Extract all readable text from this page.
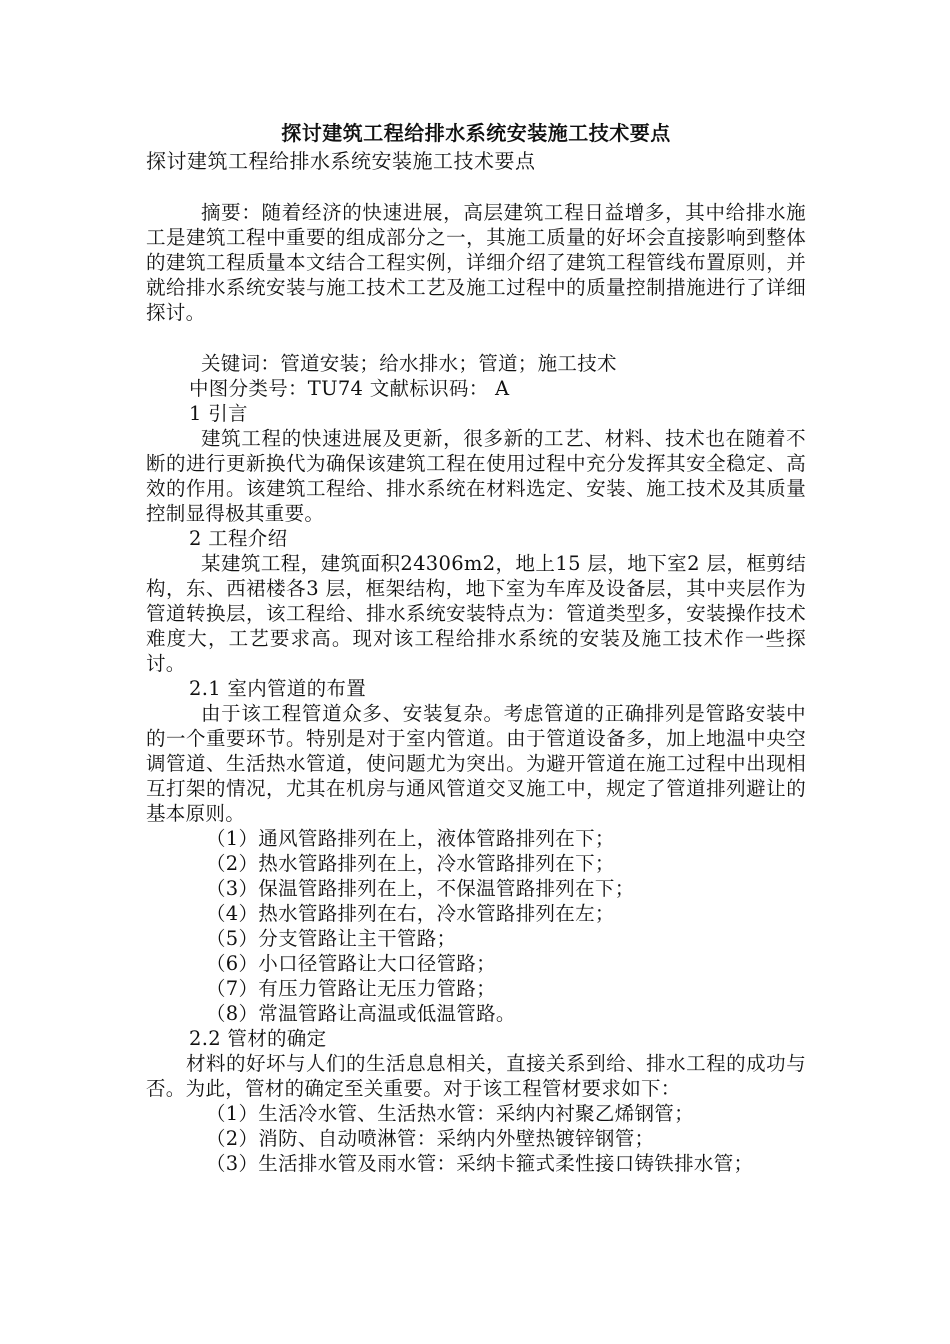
探讨建筑工程给排水系统安装施工技术要点
探讨建筑工程给排水系统安装施工技术要点

摘要：随着经济的快速进展，高层建筑工程日益增多，其中给排水施工是建筑工程中重要的组成部分之一，其施工质量的好坏会直接影响到整体的建筑工程质量本文结合工程实例，详细介绍了建筑工程管线布置原则，并就给排水系统安装与施工技术工艺及施工过程中的质量控制措施进行了详细探讨。

关键词：管道安装；给水排水；管道；施工技术

中图分类号：TU74 文献标识码： A

1 引言

建筑工程的快速进展及更新，很多新的工艺、材料、技术也在随着不断的进行更新换代为确保该建筑工程在使用过程中充分发挥其安全稳定、高效的作用。该建筑工程给、排水系统在材料选定、安装、施工技术及其质量控制显得极其重要。

2 工程介绍

某建筑工程，建筑面积24306m2，地上15 层，地下室2 层，框剪结构，东、西裙楼各3 层，框架结构，地下室为车库及设备层，其中夹层作为管道转换层，该工程给、排水系统安装特点为：管道类型多，安装操作技术难度大，工艺要求高。现对该工程给排水系统的安装及施工技术作一些探讨。

2.1 室内管道的布置

由于该工程管道众多、安装复杂。考虑管道的正确排列是管路安装中的一个重要环节。特别是对于室内管道。由于管道设备多，加上地温中央空调管道、生活热水管道，使问题尤为突出。为避开管道在施工过程中出现相互打架的情况，尤其在机房与通风管道交叉施工中，规定了管道排列避让的基本原则。

（1）通风管路排列在上，液体管路排列在下；

（2）热水管路排列在上，冷水管路排列在下；

（3）保温管路排列在上，不保温管路排列在下；

（4）热水管路排列在右，冷水管路排列在左；

（5）分支管路让主干管路；

（6）小口径管路让大口径管路；

（7）有压力管路让无压力管路；

（8）常温管路让高温或低温管路。

2.2 管材的确定

材料的好坏与人们的生活息息相关，直接关系到给、排水工程的成功与否。为此，管材的确定至关重要。对于该工程管材要求如下：

（1）生活冷水管、生活热水管：采纳内衬聚乙烯钢管；

（2）消防、自动喷淋管：采纳内外壁热镀锌钢管；

（3）生活排水管及雨水管：采纳卡箍式柔性接口铸铁排水管；
